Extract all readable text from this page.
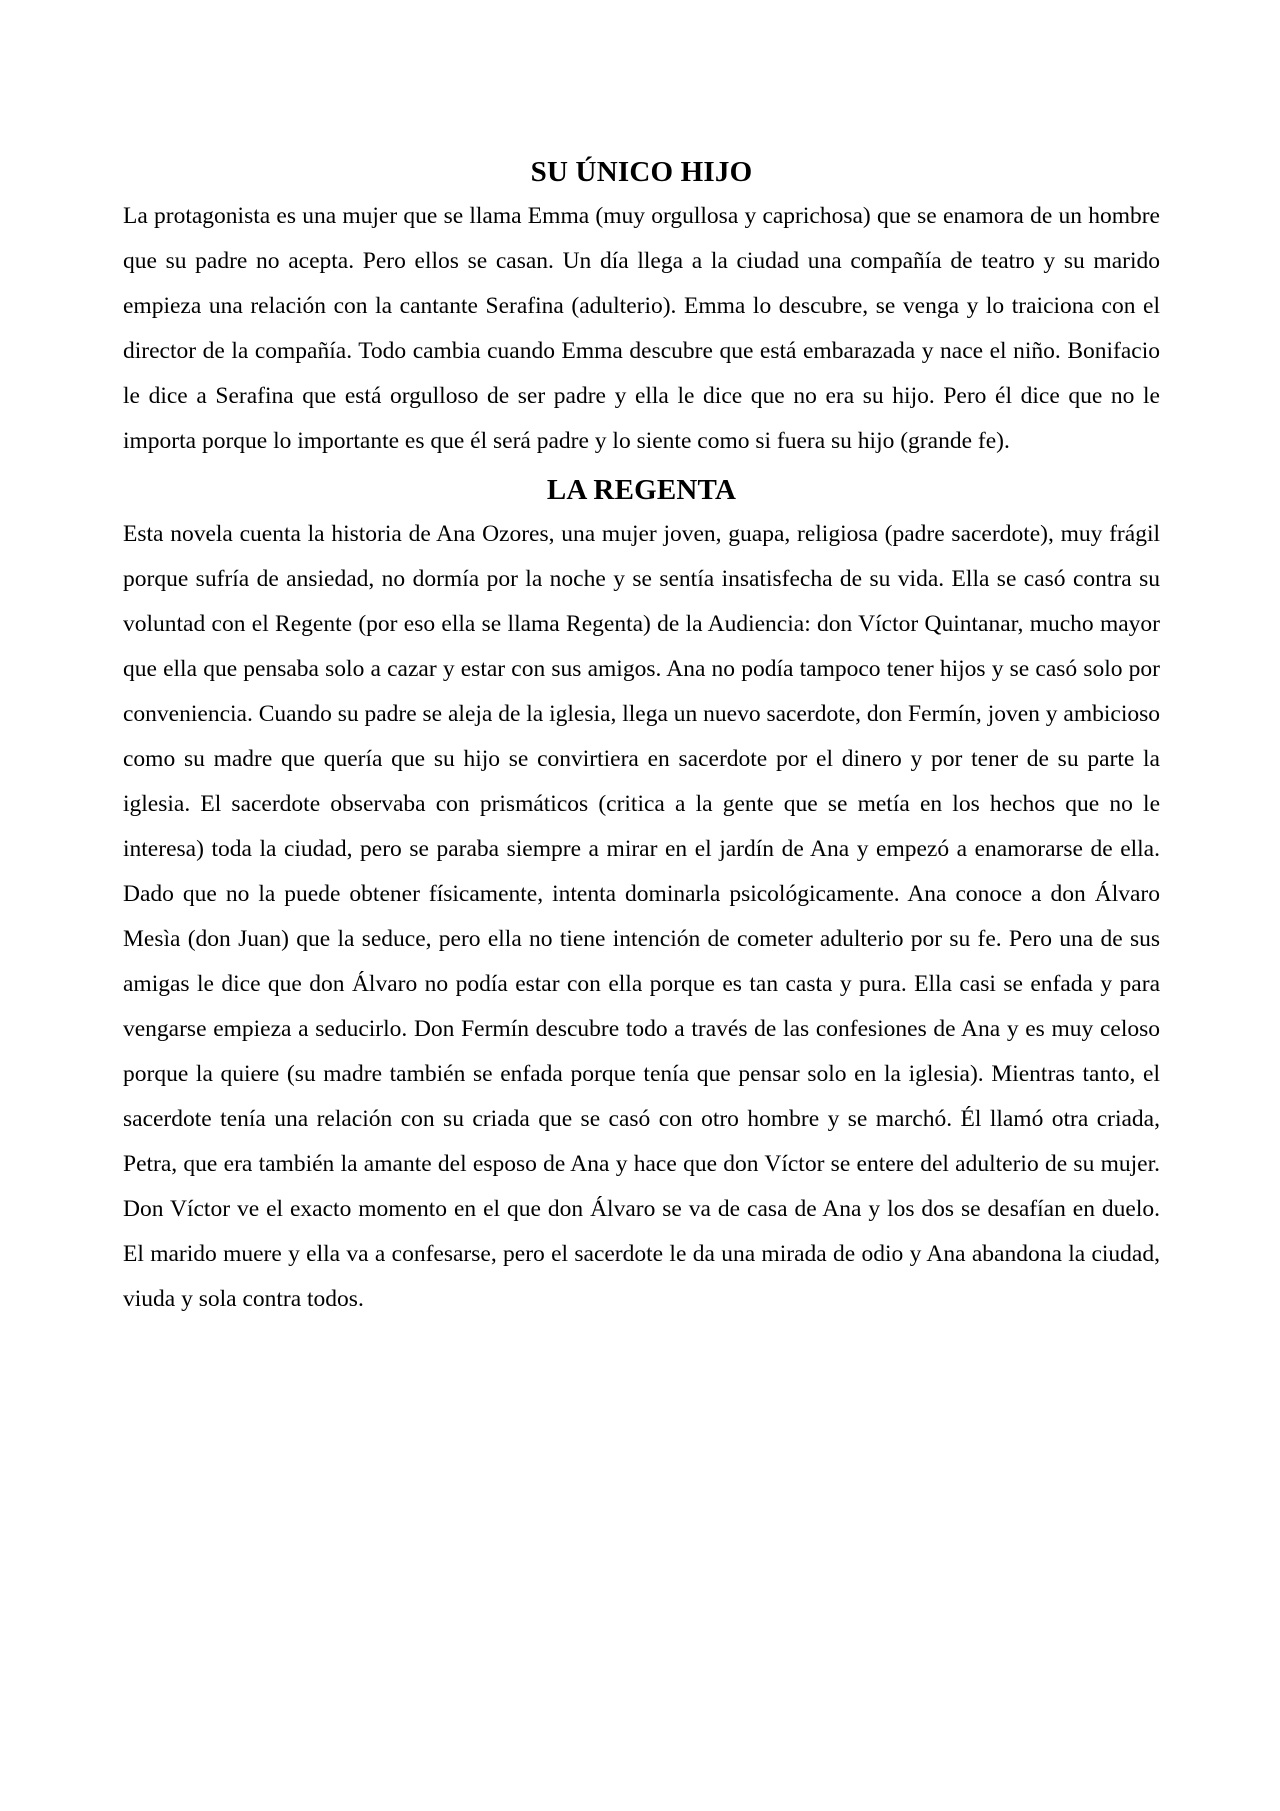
SU ÚNICO HIJO

La protagonista es una mujer que se llama Emma (muy orgullosa y caprichosa) que se enamora de un hombre que su padre no acepta. Pero ellos se casan. Un día llega a la ciudad una compañía de teatro y su marido empieza una relación con la cantante Serafina (adulterio). Emma lo descubre, se venga y lo traiciona con el director de la compañía. Todo cambia cuando Emma descubre que está embarazada y nace el niño. Bonifacio le dice a Serafina que está orgulloso de ser padre y ella le dice que no era su hijo. Pero él dice que no le importa porque lo importante es que él será padre y lo siente como si fuera su hijo (grande fe).

LA REGENTA

Esta novela cuenta la historia de Ana Ozores, una mujer joven, guapa, religiosa (padre sacerdote), muy frágil porque sufría de ansiedad, no dormía por la noche y se sentía insatisfecha de su vida. Ella se casó contra su voluntad con el Regente (por eso ella se llama Regenta) de la Audiencia: don Víctor Quintanar, mucho mayor que ella que pensaba solo a cazar y estar con sus amigos. Ana no podía tampoco tener hijos y se casó solo por conveniencia. Cuando su padre se aleja de la iglesia, llega un nuevo sacerdote, don Fermín, joven y ambicioso como su madre que quería que su hijo se convirtiera en sacerdote por el dinero y por tener de su parte la iglesia. El sacerdote observaba con prismáticos (critica a la gente que se metía en los hechos que no le interesa) toda la ciudad, pero se paraba siempre a mirar en el jardín de Ana y empezó a enamorarse de ella. Dado que no la puede obtener físicamente, intenta dominarla psicológicamente. Ana conoce a don Álvaro Mesìa (don Juan) que la seduce, pero ella no tiene intención de cometer adulterio por su fe. Pero una de sus amigas le dice que don Álvaro no podía estar con ella porque es tan casta y pura. Ella casi se enfada y para vengarse empieza a seducirlo. Don Fermín descubre todo a través de las confesiones de Ana y es muy celoso porque la quiere (su madre también se enfada porque tenía que pensar solo en la iglesia). Mientras tanto, el sacerdote tenía una relación con su criada que se casó con otro hombre y se marchó. Él llamó otra criada, Petra, que era también la amante del esposo de Ana y hace que don Víctor se entere del adulterio de su mujer. Don Víctor ve el exacto momento en el que don Álvaro se va de casa de Ana y los dos se desafían en duelo. El marido muere y ella va a confesarse, pero el sacerdote le da una mirada de odio y Ana abandona la ciudad, viuda y sola contra todos.
